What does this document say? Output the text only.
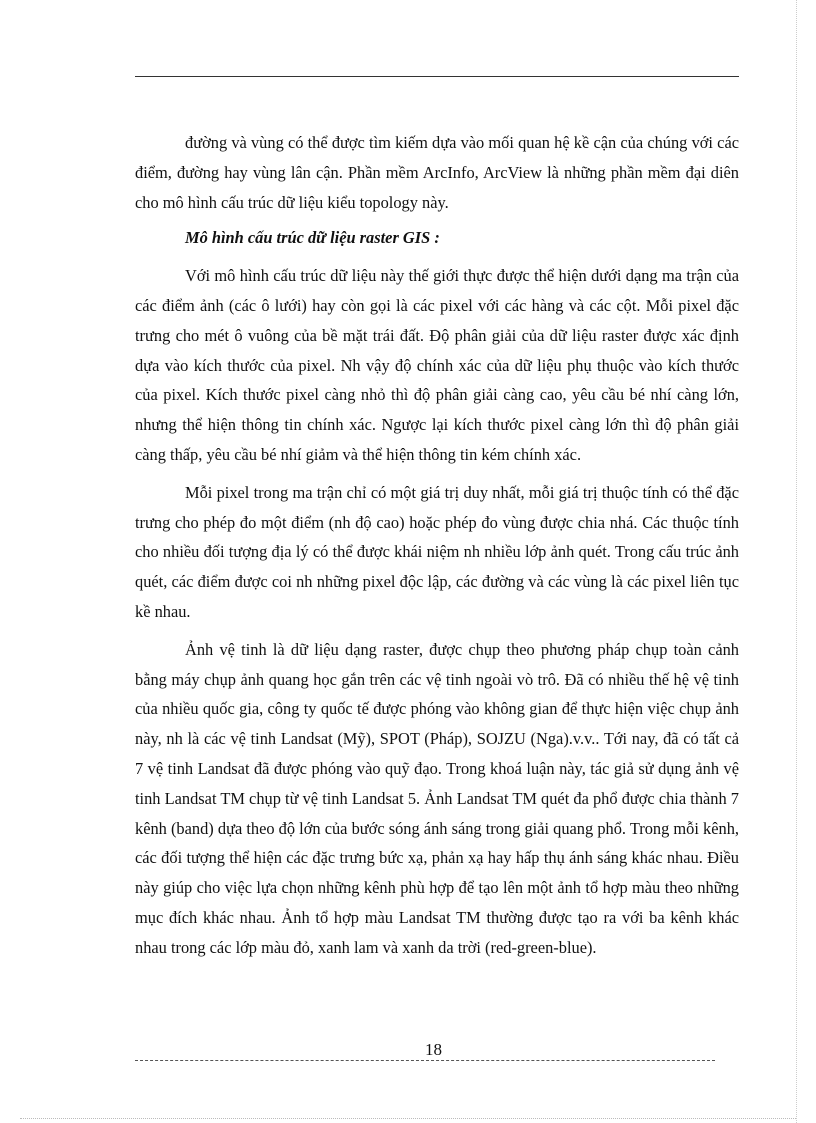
đường và vùng có thể được tìm kiếm dựa vào mối quan hệ kề cận của chúng với các điểm, đường hay vùng lân cận. Phần mềm ArcInfo, ArcView là những phần mềm đại diên cho mô hình cấu trúc dữ liệu kiểu topology này.

Mô hình cấu trúc dữ liệu raster GIS :

Với mô hình cấu trúc dữ liệu này thế giới thực được thể hiện dưới dạng ma trận của các điểm ảnh (các ô lưới) hay còn gọi là các pixel với các hàng và các cột. Mỗi pixel đặc trưng cho mét ô vuông của bề mặt trái đất. Độ phân giải của dữ liệu raster được xác định dựa vào kích thước của pixel. Nh vậy độ chính xác của dữ liệu phụ thuộc vào kích thước của pixel. Kích thước pixel càng nhỏ thì độ phân giải càng cao, yêu cầu bé nhí càng lớn, nhưng thể hiện thông tin chính xác. Ngược lại kích thước pixel càng lớn thì độ phân giải càng thấp, yêu cầu bé nhí giảm và thể hiện thông tin kém chính xác.

Mỗi pixel trong ma trận chỉ có một giá trị duy nhất, mỗi giá trị thuộc tính có thể đặc trưng cho phép đo một điểm (nh độ cao) hoặc phép đo vùng được chia nhá. Các thuộc tính cho nhiều đối tượng địa lý có thể được khái niệm nh nhiều lớp ảnh quét. Trong cấu trúc ảnh quét, các điểm được coi nh những pixel độc lập, các đường và các vùng là các pixel liên tục kề nhau.

Ảnh vệ tinh là dữ liệu dạng raster, được chụp theo phương pháp chụp toàn cảnh bằng máy chụp ảnh quang học gắn trên các vệ tinh ngoài vò trô. Đã có nhiều thế hệ vệ tinh của nhiều quốc gia, công ty quốc tế được phóng vào không gian để thực hiện việc chụp ảnh này, nh là các vệ tinh Landsat (Mỹ), SPOT (Pháp), SOJZU (Nga).v.v.. Tới nay, đã có tất cả 7 vệ tinh Landsat đã được phóng vào quỹ đạo. Trong khoá luận này, tác giả sử dụng ảnh vệ tinh Landsat TM chụp từ vệ tinh Landsat 5. Ảnh Landsat TM quét đa phổ được chia thành 7 kênh (band) dựa theo độ lớn của bước sóng ánh sáng trong giải quang phổ. Trong mỗi kênh, các đối tượng thể hiện các đặc trưng bức xạ, phản xạ hay hấp thụ ánh sáng khác nhau. Điều này giúp cho việc lựa chọn những kênh phù hợp để tạo lên một ảnh tổ hợp màu theo những mục đích khác nhau. Ảnh tổ hợp màu Landsat TM thường được tạo ra với ba kênh khác nhau trong các lớp màu đỏ, xanh lam và xanh da trời (red-green-blue).

18
